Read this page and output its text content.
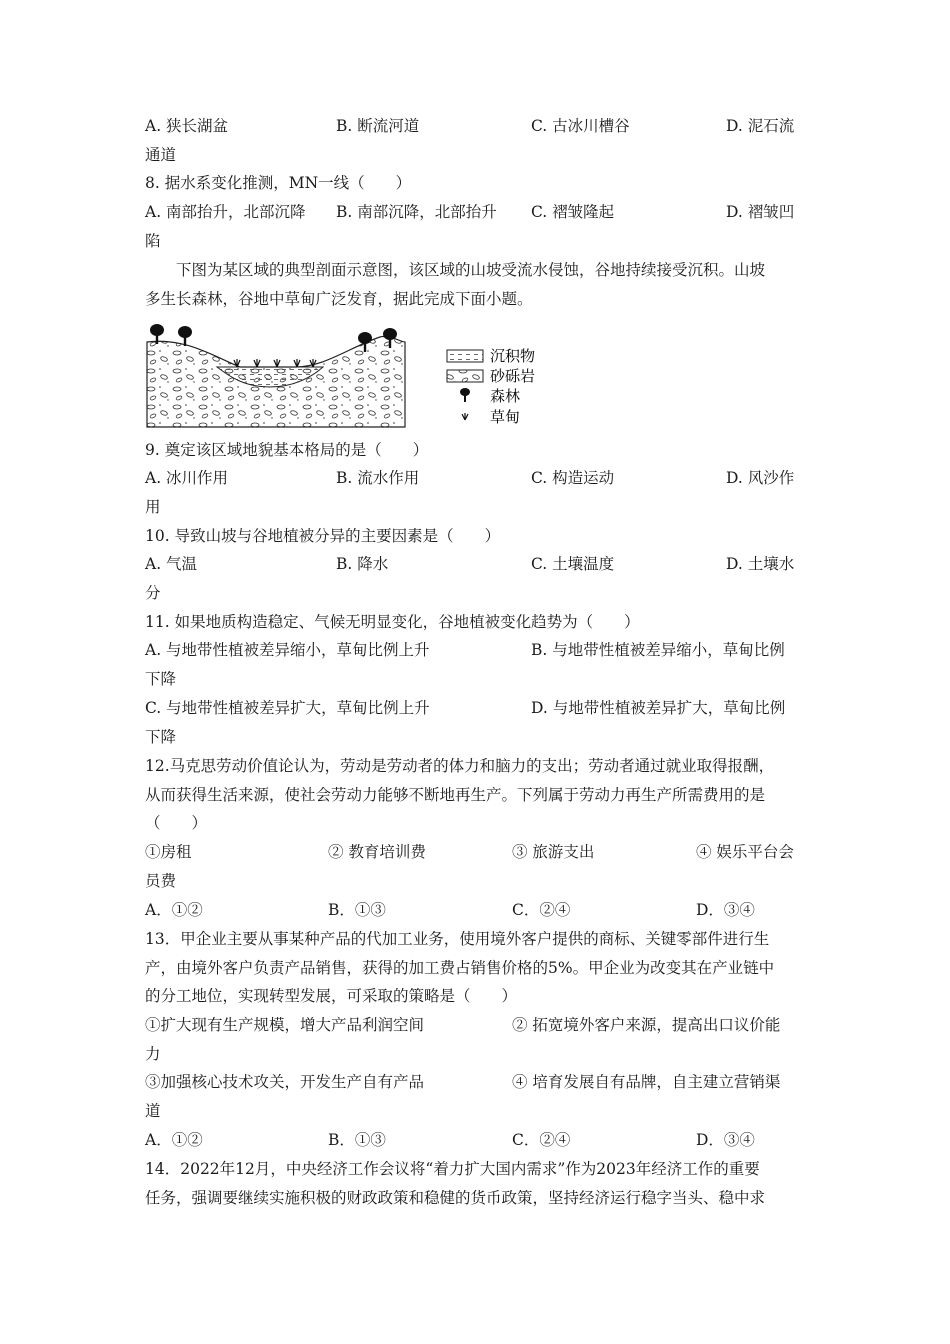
A. 狭长湖盆	B. 断流河道	C. 古冰川槽谷	D. 泥石流
通道
8. 据水系变化推测，MN一线（　　）
A. 南部抬升，北部沉降 B. 南部沉降，北部抬升 C. 褶皱隆起	D. 褶皱凹
陷
下图为某区域的典型剖面示意图，该区域的山坡受流水侵蚀，谷地持续接受沉积。山坡
多生长森林，谷地中草甸广泛发育，据此完成下面小题。
沉积物
砂砾岩
森林
草甸
9. 奠定该区域地貌基本格局的是（　　）
A. 冰川作用	B. 流水作用	C. 构造运动	D. 风沙作
用
10. 导致山坡与谷地植被分异的主要因素是（　　）
A. 气温	B. 降水	C. 土壤温度	D. 土壤水
分
11. 如果地质构造稳定、气候无明显变化，谷地植被变化趋势为（　　）
A. 与地带性植被差异缩小，草甸比例上升	B. 与地带性植被差异缩小，草甸比例
下降
C. 与地带性植被差异扩大，草甸比例上升	D. 与地带性植被差异扩大，草甸比例
下降
12.马克思劳动价值论认为，劳动是劳动者的体力和脑力的支出；劳动者通过就业取得报酬，
从而获得生活来源，使社会劳动力能够不断地再生产。下列属于劳动力再生产所需费用的是
（　　）
①房租	② 教育培训费	③ 旅游支出	④ 娱乐平台会
员费
A．①②	B．①③	C．②④	D．③④
13．甲企业主要从事某种产品的代加工业务，使用境外客户提供的商标、关键零部件进行生
产，由境外客户负责产品销售，获得的加工费占销售价格的5%。甲企业为改变其在产业链中
的分工地位，实现转型发展，可采取的策略是（　　）
①扩大现有生产规模，增大产品利润空间	② 拓宽境外客户来源，提高出口议价能
力
③加强核心技术攻关，开发生产自有产品	④ 培育发展自有品牌，自主建立营销渠
道
A．①②	B．①③	C．②④	D．③④
14．2022年12月，中央经济工作会议将“着力扩大国内需求”作为2023年经济工作的重要
任务，强调要继续实施积极的财政政策和稳健的货币政策，坚持经济运行稳字当头、稳中求
